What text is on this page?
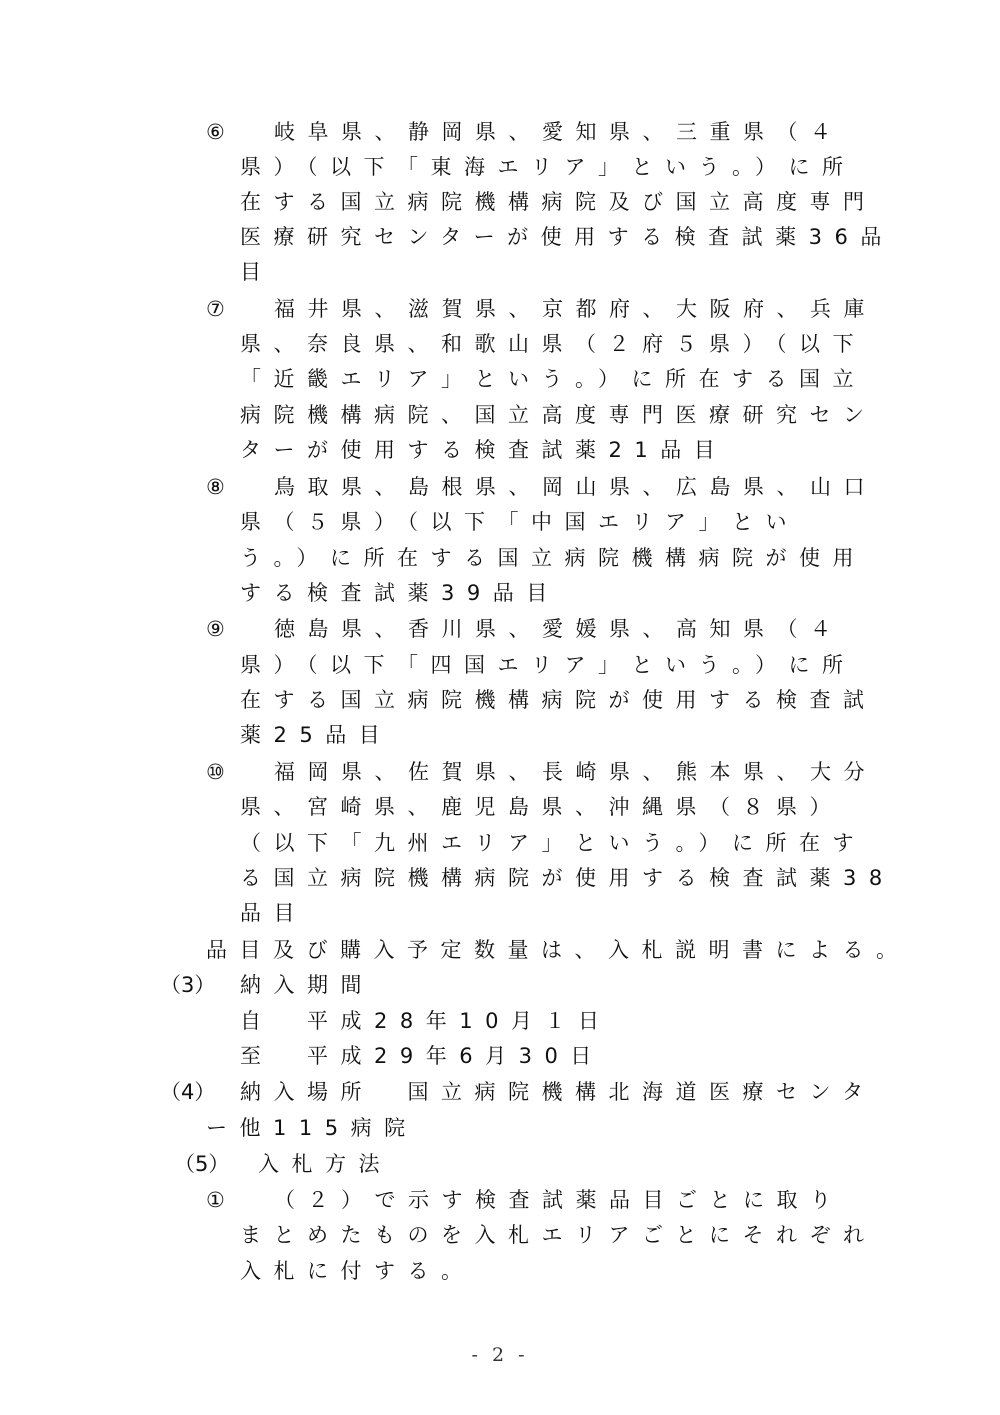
⑥ 岐阜県、静岡県、愛知県、三重県（４
県）（以下「東海エリア」という。）に所
在する国立病院機構病院及び国立高度専門
医療研究センターが使用する検査試薬36品
目
⑦ 福井県、滋賀県、京都府、大阪府、兵庫
県、奈良県、和歌山県（２府５県）（以下
「近畿エリア」という。）に所在する国立
病院機構病院、国立高度専門医療研究セン
ターが使用する検査試薬21品目
⑧ 鳥取県、島根県、岡山県、広島県、山口
県（５県）（以下「中国エリア」とい
う。）に所在する国立病院機構病院が使用
する検査試薬39品目
⑨ 徳島県、香川県、愛媛県、高知県（４
県）（以下「四国エリア」という。）に所
在する国立病院機構病院が使用する検査試
薬25品目
⑩ 福岡県、佐賀県、長崎県、熊本県、大分
県、宮崎県、鹿児島県、沖縄県（８県）
（以下「九州エリア」という。）に所在す
る国立病院機構病院が使用する検査試薬38
品目
品目及び購入予定数量は、入札説明書による。
（3） 納入期間
自　平成28年10月１日
至　平成29年6月30日
（4） 納入場所　国立病院機構北海道医療センタ
ー他115病院
（5） 入札方法
① （２）で示す検査試薬品目ごとに取り
まとめたものを入札エリアごとにそれぞれ
入札に付する。
- 2 -
